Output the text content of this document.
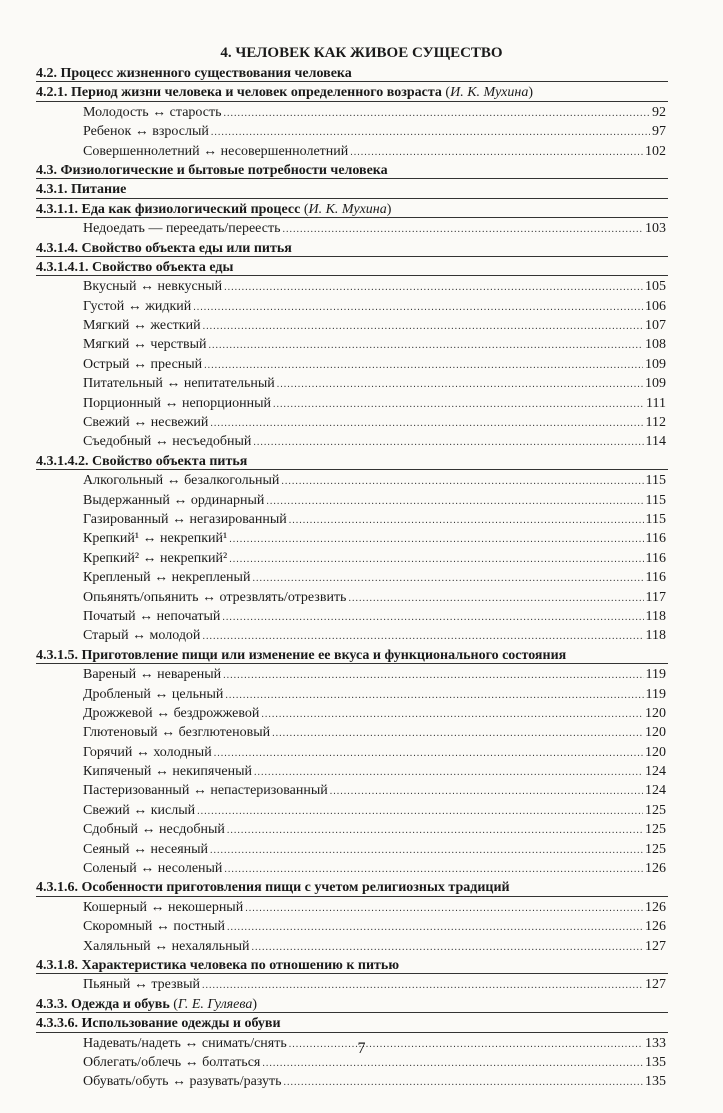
4. ЧЕЛОВЕК КАК ЖИВОЕ СУЩЕСТВО
4.2. Процесс жизненного существования человека
4.2.1. Период жизни человека и человек определенного возраста (И. К. Мухина)
Молодость ↔ старость .....	92
Ребенок ↔ взрослый .....	97
Совершеннолетний ↔ несовершеннолетний .....	102
4.3. Физиологические и бытовые потребности человека
4.3.1. Питание
4.3.1.1. Еда как физиологический процесс (И. К. Мухина)
Недоедать — переедать/переесть .....	103
4.3.1.4. Свойство объекта еды или питья
4.3.1.4.1. Свойство объекта еды
Вкусный ↔ невкусный .....	105
Густой ↔ жидкий .....	106
Мягкий ↔ жесткий .....	107
Мягкий ↔ черствый .....	108
Острый ↔ пресный .....	109
Питательный ↔ непитательный .....	109
Порционный ↔ непорционный .....	111
Свежий ↔ несвежий .....	112
Съедобный ↔ несъедобный .....	114
4.3.1.4.2. Свойство объекта питья
Алкогольный ↔ безалкогольный .....	115
Выдержанный ↔ ординарный .....	115
Газированный ↔ негазированный .....	115
Крепкий¹ ↔ некрепкий¹ .....	116
Крепкий² ↔ некрепкий² .....	116
Крепленый ↔ некрепленый .....	116
Опьянять/опьянить ↔ отрезвлять/отрезвить .....	117
Початый ↔ непочатый .....	118
Старый ↔ молодой .....	118
4.3.1.5. Приготовление пищи или изменение ее вкуса и функционального состояния
Вареный ↔ невареный .....	119
Дробленый ↔ цельный .....	119
Дрожжевой ↔ бездрожжевой .....	120
Глютеновый ↔ безглютеновый .....	120
Горячий ↔ холодный .....	120
Кипяченый ↔ некипяченый .....	124
Пастеризованный ↔ непастеризованный .....	124
Свежий ↔ кислый .....	125
Сдобный ↔ несдобный .....	125
Сеяный ↔ несеяный .....	125
Соленый ↔ несоленый .....	126
4.3.1.6. Особенности приготовления пищи с учетом религиозных традиций
Кошерный ↔ некошерный .....	126
Скоромный ↔ постный .....	126
Халяльный ↔ нехаляльный .....	127
4.3.1.8. Характеристика человека по отношению к питью
Пьяный ↔ трезвый .....	127
4.3.3. Одежда и обувь (Г. Е. Гуляева)
4.3.3.6. Использование одежды и обуви
Надевать/надеть ↔ снимать/снять .....	133
Облегать/облечь ↔ болтаться .....	135
Обувать/обуть ↔ разувать/разуть .....	135
7
